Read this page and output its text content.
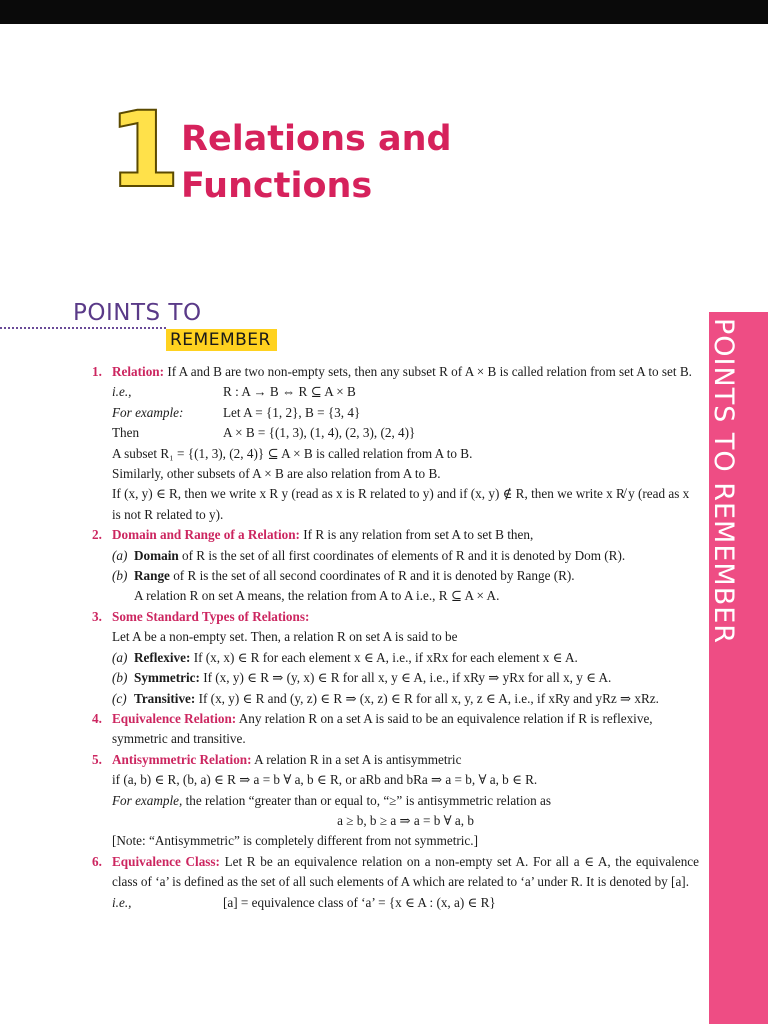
POINTS TO REMEMBER
1 Relations and
Functions
POINTS TO
REMEMBER
1. Relation: If A and B are two non-empty sets, then any subset R of A × B is called relation from set A to set B.
i.e.,	R : A → B ⇔ R ⊆ A × B
For example:	Let A = {1, 2}, B = {3, 4}
Then	A × B = {(1, 3), (1, 4), (2, 3), (2, 4)}
A subset R₁ = {(1, 3), (2, 4)} ⊆ A × B is called relation from A to B.
Similarly, other subsets of A × B are also relation from A to B.
If (x, y) ∈ R, then we write x R y (read as x is R related to y) and if (x, y) ∉ R, then we write x R̸ y (read as x is not R related to y).
2. Domain and Range of a Relation: If R is any relation from set A to set B then,
(a) Domain of R is the set of all first coordinates of elements of R and it is denoted by Dom (R).
(b) Range of R is the set of all second coordinates of R and it is denoted by Range (R).
A relation R on set A means, the relation from A to A i.e., R ⊆ A × A.
3. Some Standard Types of Relations:
Let A be a non-empty set. Then, a relation R on set A is said to be
(a) Reflexive: If (x, x) ∈ R for each element x ∈ A, i.e., if xRx for each element x ∈ A.
(b) Symmetric: If (x, y) ∈ R ⇒ (y, x) ∈ R for all x, y ∈ A, i.e., if xRy ⇒ yRx for all x, y ∈ A.
(c) Transitive: If (x, y) ∈ R and (y, z) ∈ R ⇒ (x, z) ∈ R for all x, y, z ∈ A, i.e., if xRy and yRz ⇒ xRz.
4. Equivalence Relation: Any relation R on a set A is said to be an equivalence relation if R is reflexive, symmetric and transitive.
5. Antisymmetric Relation: A relation R in a set A is antisymmetric
if (a, b) ∈ R, (b, a) ∈ R ⇒ a = b ∀ a, b ∈ R, or aRb and bRa ⇒ a = b, ∀ a, b ∈ R.
For example, the relation “greater than or equal to, “≥” is antisymmetric relation as
a ≥ b, b ≥ a ⇒ a = b ∀ a, b
[Note: “Antisymmetric” is completely different from not symmetric.]
6. Equivalence Class: Let R be an equivalence relation on a non-empty set A. For all a ∈ A, the equivalence class of ‘a’ is defined as the set of all such elements of A which are related to ‘a’ under R. It is denoted by [a].
i.e.,	[a] = equivalence class of ‘a’ = {x ∈ A : (x, a) ∈ R}
